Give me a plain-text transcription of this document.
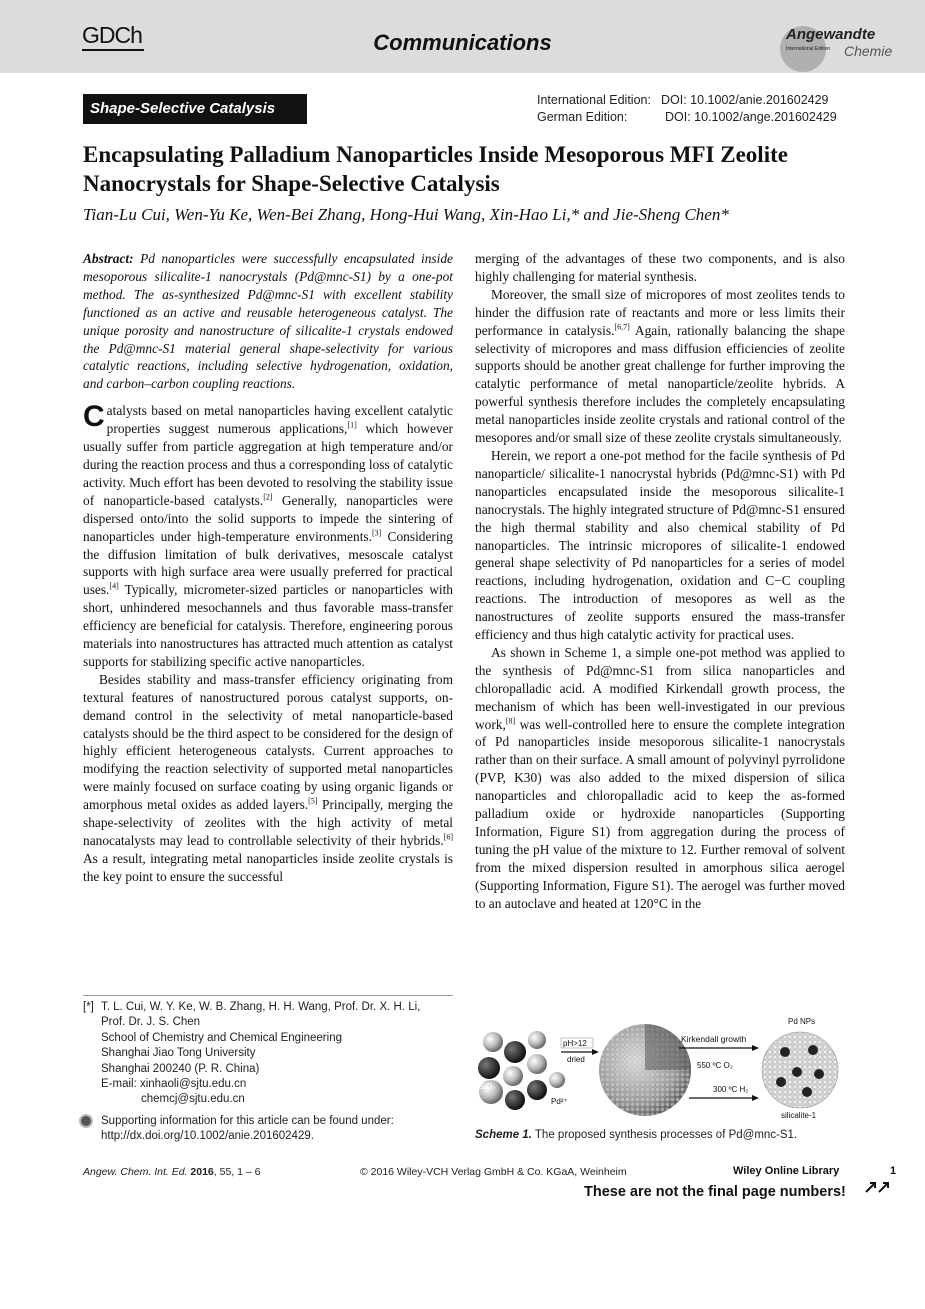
GDCh	Communications	Angewandte
International Edition Chemie
Shape-Selective Catalysis	International Edition: DOI: 10.1002/anie.201602429
German Edition:	DOI: 10.1002/ange.201602429
Encapsulating Palladium Nanoparticles Inside Mesoporous MFI Zeolite Nanocrystals for Shape-Selective Catalysis
Tian-Lu Cui, Wen-Yu Ke, Wen-Bei Zhang, Hong-Hui Wang, Xin-Hao Li,* and Jie-Sheng Chen*

Abstract: Pd nanoparticles were successfully encapsulated inside mesoporous silicalite-1 nanocrystals (Pd@mnc-S1) by a one-pot method. The as-synthesized Pd@mnc-S1 with excellent stability functioned as an active and reusable heterogeneous catalyst. The unique porosity and nanostructure of silicalite-1 crystals endowed the Pd@mnc-S1 material general shape-selectivity for various catalytic reactions, including selective hydrogenation, oxidation, and carbon–carbon coupling reactions.

Catalysts based on metal nanoparticles having excellent catalytic properties suggest numerous applications,[1] which however usually suffer from particle aggregation at high temperature and/or during the reaction process and thus a corresponding loss of catalytic activity. Much effort has been devoted to resolving the stability issue of nanoparticle-based catalysts.[2] Generally, nanoparticles were dispersed onto/into the solid supports to impede the sintering of nanoparticles under high-temperature environments.[3] Considering the diffusion limitation of bulk derivatives, mesoscale catalyst supports with high surface area were usually preferred for practical uses.[4] Typically, micrometer-sized particles or nanoparticles with short, unhindered mesochannels and thus favorable mass-transfer efficiency are beneficial for catalysis. Therefore, engineering porous materials into nanostructures has attracted much attention as catalyst supports for stabilizing specific active nanoparticles.

Besides stability and mass-transfer efficiency originating from textural features of nanostructured porous catalyst supports, on-demand control in the selectivity of metal nanoparticle-based catalysts should be the third aspect to be considered for the design of highly efficient heterogeneous catalysts. Current approaches to modifying the reaction selectivity of supported metal nanoparticles were mainly focused on surface coating by using organic ligands or amorphous metal oxides as added layers.[5] Principally, merging the shape-selectivity of zeolites with the high activity of metal nanocatalysts may lead to controllable selectivity of their hybrids.[6] As a result, integrating metal nanoparticles inside zeolite crystals is the key point to ensure the successful

merging of the advantages of these two components, and is also highly challenging for material synthesis.

Moreover, the small size of micropores of most zeolites tends to hinder the diffusion rate of reactants and more or less limits their performance in catalysis.[6,7] Again, rationally balancing the shape selectivity of micropores and mass diffusion efficiencies of zeolite supports should be another great challenge for further improving the catalytic performance of metal nanoparticle/zeolite hybrids. A powerful synthesis therefore includes the completely encapsulating metal nanoparticles inside zeolite crystals and rational control of the mesopores and/or small size of these zeolite crystals simultaneously.

Herein, we report a one-pot method for the facile synthesis of Pd nanoparticle/ silicalite-1 nanocrystal hybrids (Pd@mnc-S1) with Pd nanoparticles encapsulated inside the mesoporous silicalite-1 nanocrystals. The highly integrated structure of Pd@mnc-S1 ensured the high thermal stability and also chemical stability of Pd nanoparticles. The intrinsic micropores of silicalite-1 endowed general shape selectivity of Pd nanoparticles for a series of model reactions, including hydrogenation, oxidation and C−C coupling reactions. The introduction of mesopores as well as the nanostructures of zeolite supports ensured the mass-transfer efficiency and thus high catalytic activity for practical uses.

As shown in Scheme 1, a simple one-pot method was applied to the synthesis of Pd@mnc-S1 from silica nanoparticles and chloropalladic acid. A modified Kirkendall growth process, the mechanism of which has been well-investigated in our previous work,[8] was well-controlled here to ensure the complete integration of Pd nanoparticles inside mesoporous silicalite-1 nanocrystals rather than on their surface. A small amount of polyvinyl pyrrolidone (PVP, K30) was also added to the mixed dispersion of silica nanoparticles and chloropalladic acid to keep the as-formed palladium oxide or hydroxide nanoparticles (Supporting Information, Figure S1) from aggregation during the process of tuning the pH value of the mixture to 12. Further removal of solvent from the mixed dispersion resulted in amorphous silica aerogel (Supporting Information, Figure S1). The aerogel was further moved to an autoclave and heated at 120°C in the

[*] T. L. Cui, W. Y. Ke, W. B. Zhang, H. H. Wang, Prof. Dr. X. H. Li,
Prof. Dr. J. S. Chen
School of Chemistry and Chemical Engineering
Shanghai Jiao Tong University
Shanghai 200240 (P. R. China)
E-mail: xinhaoli@sjtu.edu.cn
chemcj@sjtu.edu.cn
Supporting information for this article can be found under:
http://dx.doi.org/10.1002/anie.201602429.
SiO₂
Pd²⁺
pH>12
dried
Kirkendall growth
550 ºC O₂
300 ºC H₂
Pd NPs
silicalite-1
Scheme 1. The proposed synthesis processes of Pd@mnc-S1.
Angew. Chem. Int. Ed. 2016, 55, 1 – 6	© 2016 Wiley-VCH Verlag GmbH & Co. KGaA, Weinheim	Wiley Online Library	1
These are not the final page numbers!
